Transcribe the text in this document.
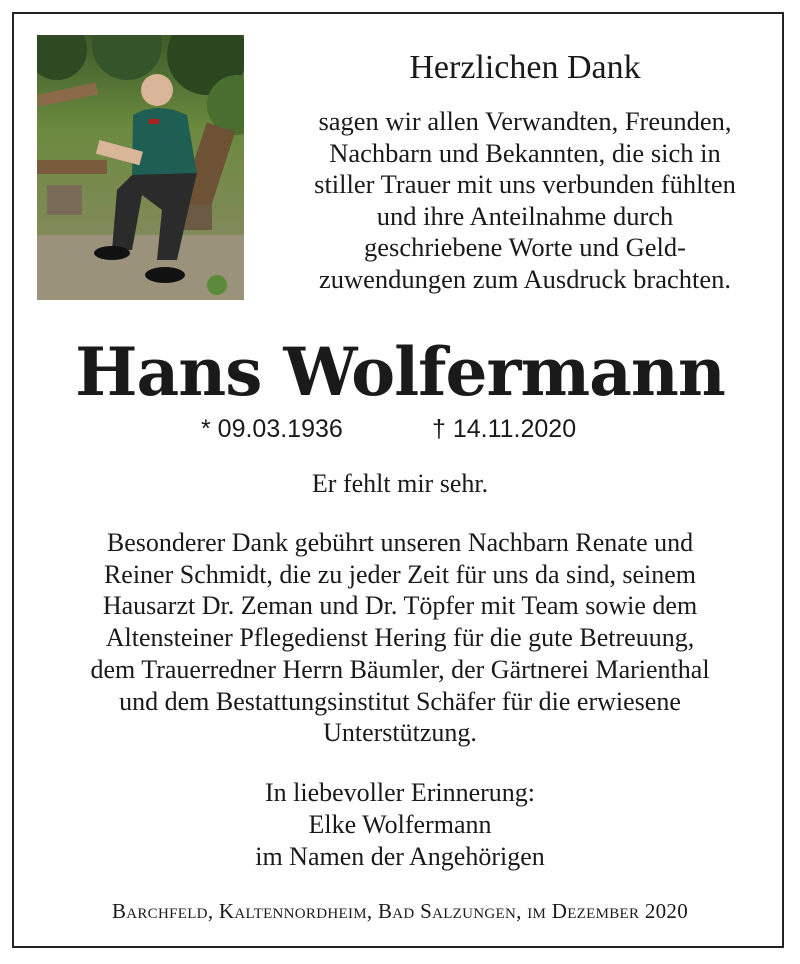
Herzlichen Dank
sagen wir allen Verwandten, Freunden,
Nachbarn und Bekannten, die sich in
stiller Trauer mit uns verbunden fühlten
und ihre Anteilnahme durch
geschriebene Worte und Geld-
zuwendungen zum Ausdruck brachten.
Hans Wolfermann
* 09.03.1936	† 14.11.2020
Er fehlt mir sehr.
Besonderer Dank gebührt unseren Nachbarn Renate und
Reiner Schmidt, die zu jeder Zeit für uns da sind, seinem
Hausarzt Dr. Zeman und Dr. Töpfer mit Team sowie dem
Altensteiner Pflegedienst Hering für die gute Betreuung,
dem Trauerredner Herrn Bäumler, der Gärtnerei Marienthal
und dem Bestattungsinstitut Schäfer für die erwiesene
Unterstützung.
In liebevoller Erinnerung:
Elke Wolfermann
im Namen der Angehörigen
Barchfeld, Kaltennordheim, Bad Salzungen, im Dezember 2020
